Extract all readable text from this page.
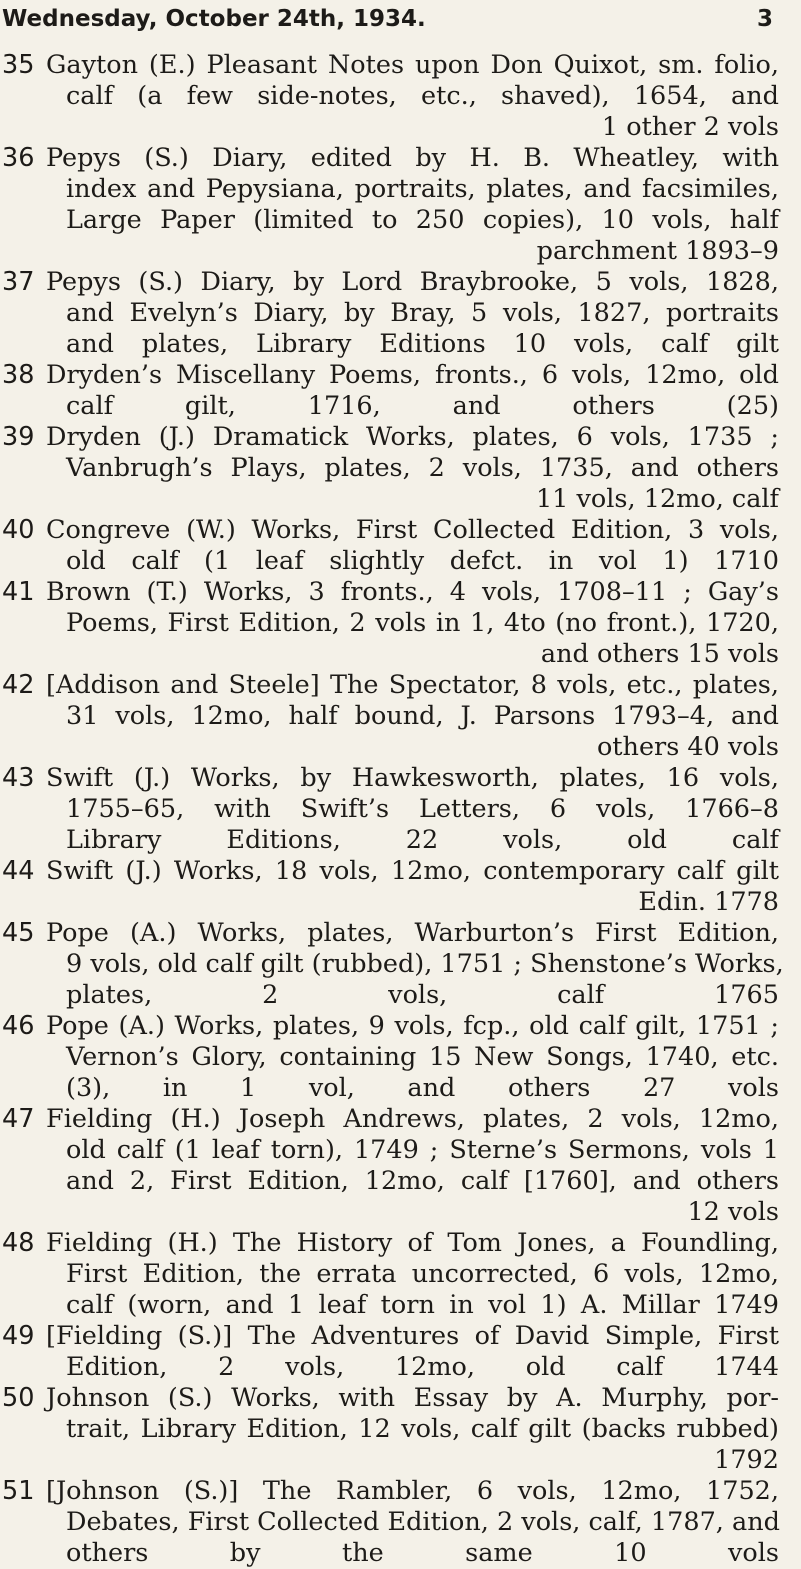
Wednesday, October 24th, 1934.	3
35 Gayton (E.) Pleasant Notes upon Don Quixot, sm. folio,
calf (a few side-notes, etc., shaved), 1654, and
1 other 2 vols
36 Pepys (S.) Diary, edited by H. B. Wheatley, with
index and Pepysiana, portraits, plates, and facsimiles,
Large Paper (limited to 250 copies), 10 vols, half
parchment 1893–9
37 Pepys (S.) Diary, by Lord Braybrooke, 5 vols, 1828,
and Evelyn’s Diary, by Bray, 5 vols, 1827, portraits
and plates, Library Editions 10 vols, calf gilt
38 Dryden’s Miscellany Poems, fronts., 6 vols, 12mo, old
calf gilt, 1716, and others (25)
39 Dryden (J.) Dramatick Works, plates, 6 vols, 1735 ;
Vanbrugh’s Plays, plates, 2 vols, 1735, and others
11 vols, 12mo, calf
40 Congreve (W.) Works, First Collected Edition, 3 vols,
old calf (1 leaf slightly defct. in vol 1) 1710
41 Brown (T.) Works, 3 fronts., 4 vols, 1708–11 ; Gay’s
Poems, First Edition, 2 vols in 1, 4to (no front.), 1720,
and others 15 vols
42 [Addison and Steele] The Spectator, 8 vols, etc., plates,
31 vols, 12mo, half bound, J. Parsons 1793–4, and
others 40 vols
43 Swift (J.) Works, by Hawkesworth, plates, 16 vols,
1755–65, with Swift’s Letters, 6 vols, 1766–8
Library Editions, 22 vols, old calf
44 Swift (J.) Works, 18 vols, 12mo, contemporary calf gilt
Edin. 1778
45 Pope (A.) Works, plates, Warburton’s First Edition,
9 vols, old calf gilt (rubbed), 1751 ; Shenstone’s Works,
plates, 2 vols, calf 1765
46 Pope (A.) Works, plates, 9 vols, fcp., old calf gilt, 1751 ;
Vernon’s Glory, containing 15 New Songs, 1740, etc.
(3), in 1 vol, and others 27 vols
47 Fielding (H.) Joseph Andrews, plates, 2 vols, 12mo,
old calf (1 leaf torn), 1749 ; Sterne’s Sermons, vols 1
and 2, First Edition, 12mo, calf [1760], and others
12 vols
48 Fielding (H.) The History of Tom Jones, a Foundling,
First Edition, the errata uncorrected, 6 vols, 12mo,
calf (worn, and 1 leaf torn in vol 1) A. Millar 1749
49 [Fielding (S.)] The Adventures of David Simple, First
Edition, 2 vols, 12mo, old calf 1744
50 Johnson (S.) Works, with Essay by A. Murphy, por-
trait, Library Edition, 12 vols, calf gilt (backs rubbed)
1792
51 [Johnson (S.)] The Rambler, 6 vols, 12mo, 1752,
Debates, First Collected Edition, 2 vols, calf, 1787, and
others by the same 10 vols
